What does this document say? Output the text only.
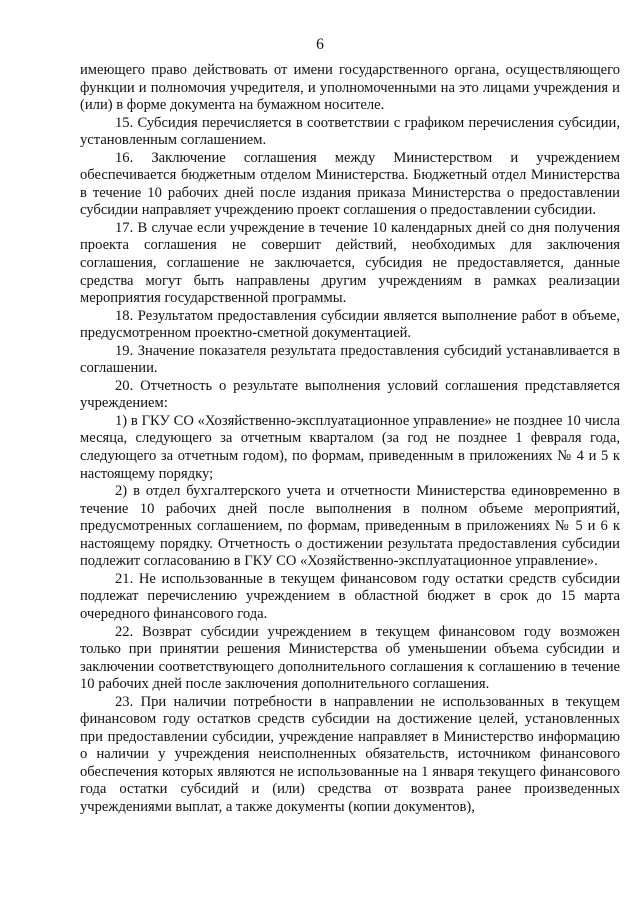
6

имеющего право действовать от имени государственного органа, осуществляющего функции и полномочия учредителя, и уполномоченными на это лицами учреждения и (или) в форме документа на бумажном носителе.

15. Субсидия перечисляется в соответствии с графиком перечисления субсидии, установленным соглашением.

16. Заключение соглашения между Министерством и учреждением обеспечивается бюджетным отделом Министерства. Бюджетный отдел Министерства в течение 10 рабочих дней после издания приказа Министерства о предоставлении субсидии направляет учреждению проект соглашения о предоставлении субсидии.

17. В случае если учреждение в течение 10 календарных дней со дня получения проекта соглашения не совершит действий, необходимых для заключения соглашения, соглашение не заключается, субсидия не предоставляется, данные средства могут быть направлены другим учреждениям в рамках реализации мероприятия государственной программы.

18. Результатом предоставления субсидии является выполнение работ в объеме, предусмотренном проектно-сметной документацией.

19. Значение показателя результата предоставления субсидий устанавливается в соглашении.

20. Отчетность о результате выполнения условий соглашения представляется учреждением:

1) в ГКУ СО «Хозяйственно-эксплуатационное управление» не позднее 10 числа месяца, следующего за отчетным кварталом (за год не позднее 1 февраля года, следующего за отчетным годом), по формам, приведенным в приложениях № 4 и 5 к настоящему порядку;

2) в отдел бухгалтерского учета и отчетности Министерства единовременно в течение 10 рабочих дней после выполнения в полном объеме мероприятий, предусмотренных соглашением, по формам, приведенным в приложениях № 5 и 6 к настоящему порядку. Отчетность о достижении результата предоставления субсидии подлежит согласованию в ГКУ СО «Хозяйственно-эксплуатационное управление».

21. Не использованные в текущем финансовом году остатки средств субсидии подлежат перечислению учреждением в областной бюджет в срок до 15 марта очередного финансового года.

22. Возврат субсидии учреждением в текущем финансовом году возможен только при принятии решения Министерства об уменьшении объема субсидии и заключении соответствующего дополнительного соглашения к соглашению в течение 10 рабочих дней после заключения дополнительного соглашения.

23. При наличии потребности в направлении не использованных в текущем финансовом году остатков средств субсидии на достижение целей, установленных при предоставлении субсидии, учреждение направляет в Министерство информацию о наличии у учреждения неисполненных обязательств, источником финансового обеспечения которых являются не использованные на 1 января текущего финансового года остатки субсидий и (или) средства от возврата ранее произведенных учреждениями выплат, а также документы (копии документов),
